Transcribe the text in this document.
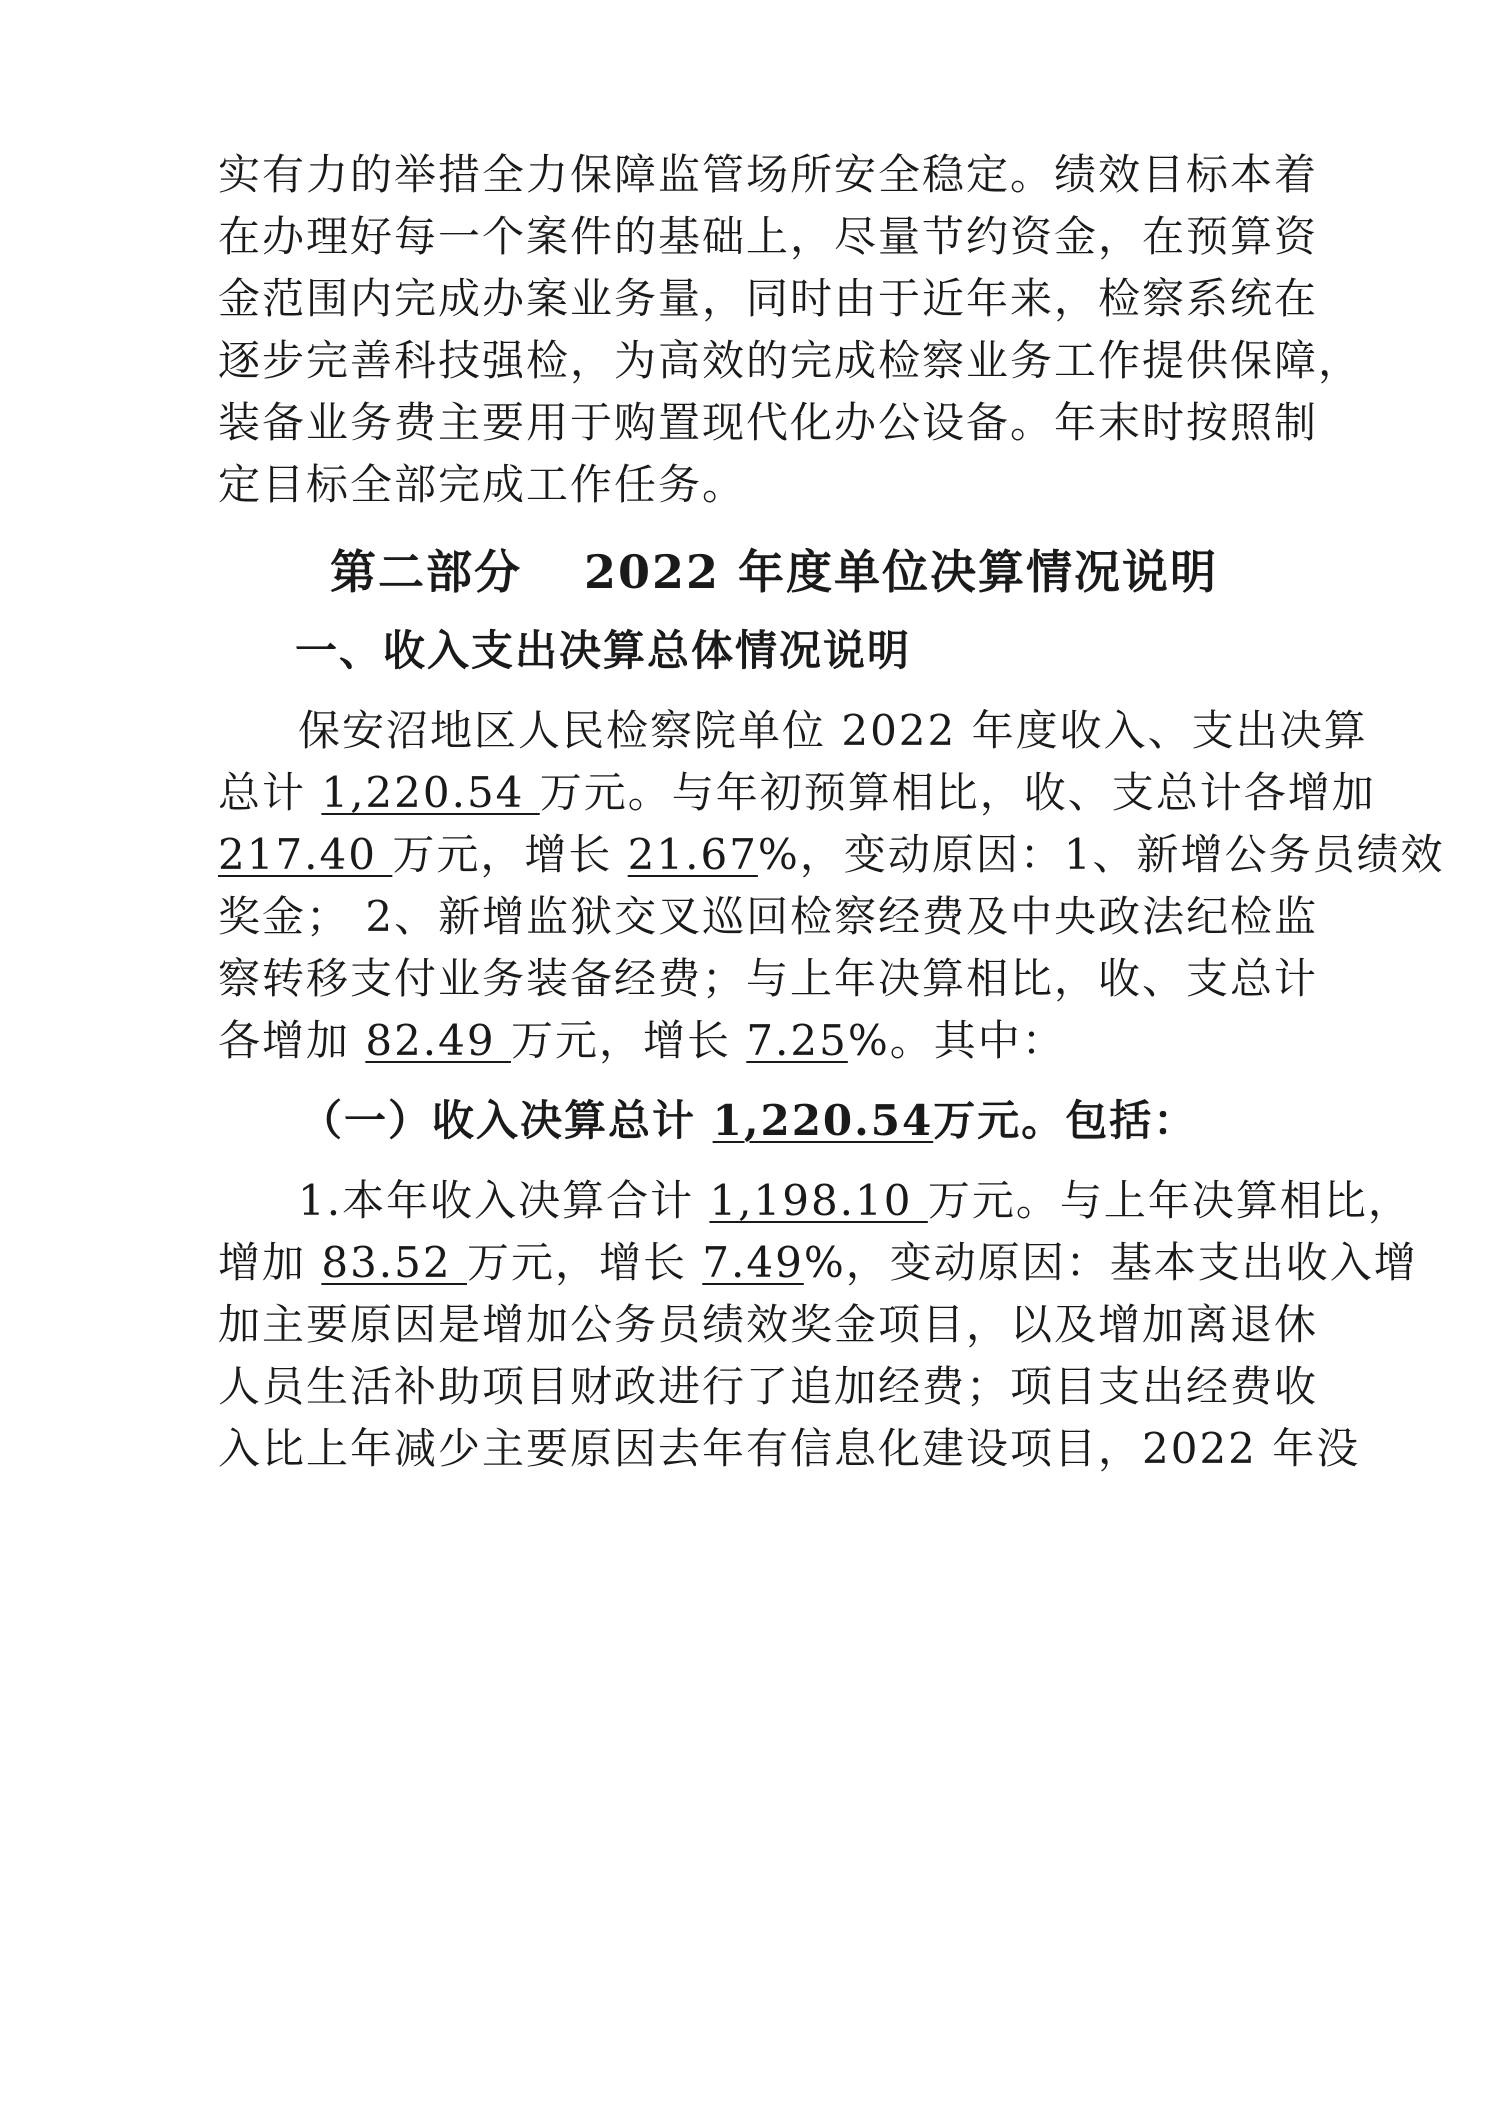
实有力的举措全力保障监管场所安全稳定。绩效目标本着
在办理好每一个案件的基础上，尽量节约资金，在预算资
金范围内完成办案业务量，同时由于近年来，检察系统在
逐步完善科技强检，为高效的完成检察业务工作提供保障，
装备业务费主要用于购置现代化办公设备。年末时按照制
定目标全部完成工作任务。
第二部分 2022 年度单位决算情况说明
一、收入支出决算总体情况说明
保安沼地区人民检察院单位 2022 年度收入、支出决算
总计 1,220.54 万元。与年初预算相比，收、支总计各增加
217.40 万元，增长 21.67%，变动原因：1、新增公务员绩效
奖金； 2、新增监狱交叉巡回检察经费及中央政法纪检监
察转移支付业务装备经费；与上年决算相比，收、支总计
各增加 82.49 万元，增长 7.25%。其中：
（一）收入决算总计 1,220.54万元。包括：
1.本年收入决算合计 1,198.10 万元。与上年决算相比，
增加 83.52 万元，增长 7.49%，变动原因：基本支出收入增
加主要原因是增加公务员绩效奖金项目，以及增加离退休
人员生活补助项目财政进行了追加经费；项目支出经费收
入比上年减少主要原因去年有信息化建设项目，2022 年没
